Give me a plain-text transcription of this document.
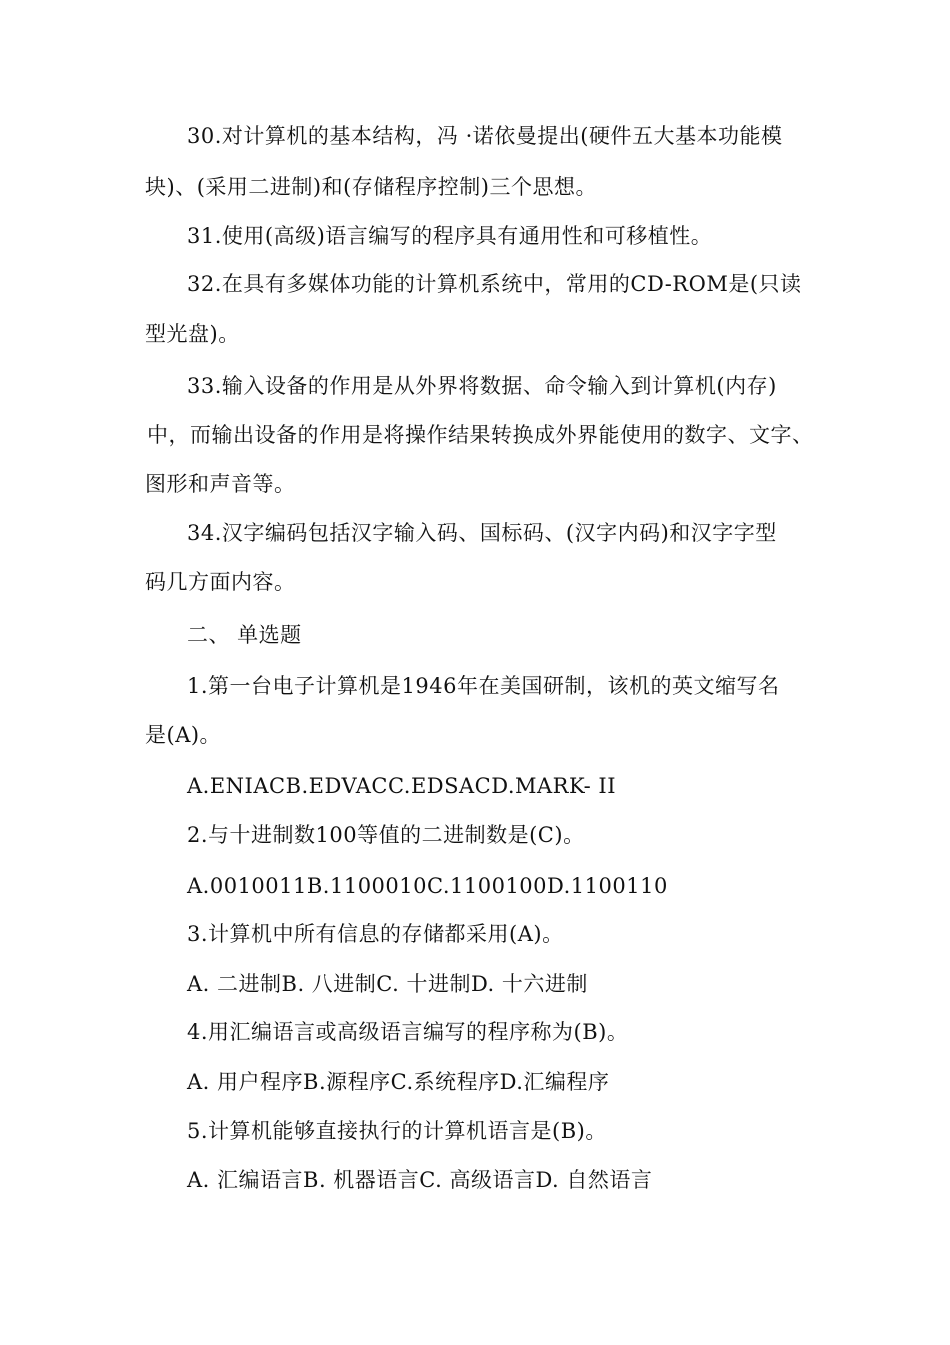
30.对计算机的基本结构，冯 ·诺依曼提出(硬件五大基本功能模
块)、(采用二进制)和(存储程序控制)三个思想。
31.使用(高级)语言编写的程序具有通用性和可移植性。
32.在具有多媒体功能的计算机系统中，常用的CD-ROM是(只读
型光盘)。
33.输入设备的作用是从外界将数据、命令输入到计算机(内存)
中，而输出设备的作用是将操作结果转换成外界能使用的数字、文字、
图形和声音等。
34.汉字编码包括汉字输入码、国标码、(汉字内码)和汉字字型
码几方面内容。
二、 单选题
1.第一台电子计算机是1946年在美国研制，该机的英文缩写名
是(A)。
A.ENIACB.EDVACC.EDSACD.MARK- II
2.与十进制数100等值的二进制数是(C)。
A.0010011B.1100010C.1100100D.1100110
3.计算机中所有信息的存储都采用(A)。
A. 二进制B. 八进制C. 十进制D. 十六进制
4.用汇编语言或高级语言编写的程序称为(B)。
A. 用户程序B.源程序C.系统程序D.汇编程序
5.计算机能够直接执行的计算机语言是(B)。
A. 汇编语言B. 机器语言C. 高级语言D. 自然语言
